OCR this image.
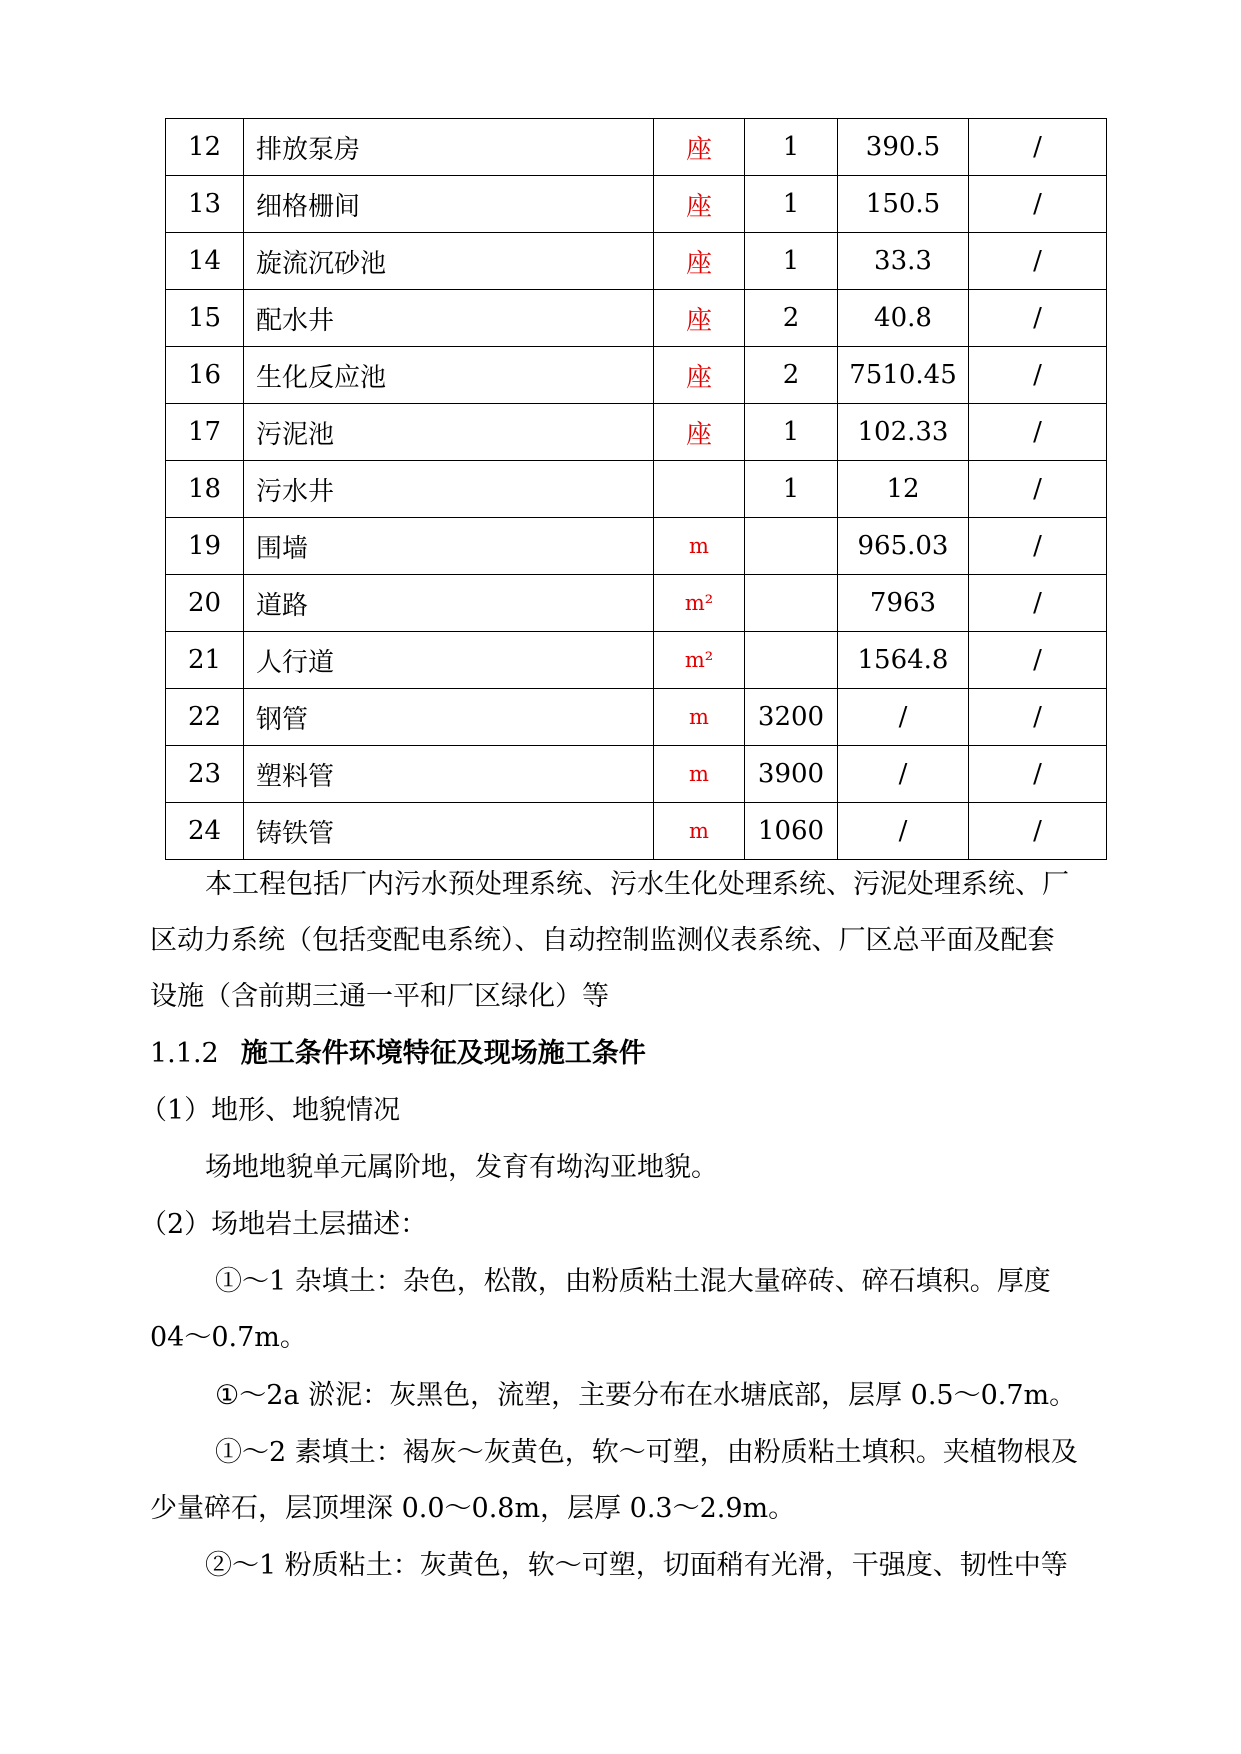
12	排放泵房	座	1	390.5	/
13	细格栅间	座	1	150.5	/
14	旋流沉砂池	座	1	33.3	/
15	配水井	座	2	40.8	/
16	生化反应池	座	2	7510.45	/
17	污泥池	座	1	102.33	/
18	污水井		1	12	/
19	围墙	m		965.03	/
20	道路	m²		7963	/
21	人行道	m²		1564.8	/
22	钢管	m	3200	/	/
23	塑料管	m	3900	/	/
24	铸铁管	m	1060	/	/

本工程包括厂内污水预处理系统、污水生化处理系统、污泥处理系统、厂

区动力系统（包括变配电系统）、自动控制监测仪表系统、厂区总平面及配套

设施（含前期三通一平和厂区绿化）等

1.1.2 施工条件环境特征及现场施工条件

（1）地形、地貌情况

场地地貌单元属阶地，发育有坳沟亚地貌。

（2）场地岩土层描述：

①～1 杂填土：杂色，松散，由粉质粘土混大量碎砖、碎石填积。厚度

04～0.7m。

①～2a 淤泥：灰黑色，流塑，主要分布在水塘底部，层厚 0.5～0.7m。

①～2 素填土：褐灰～灰黄色，软～可塑，由粉质粘土填积。夹植物根及

少量碎石，层顶埋深 0.0～0.8m，层厚 0.3～2.9m。

②～1 粉质粘土：灰黄色，软～可塑，切面稍有光滑，干强度、韧性中等
